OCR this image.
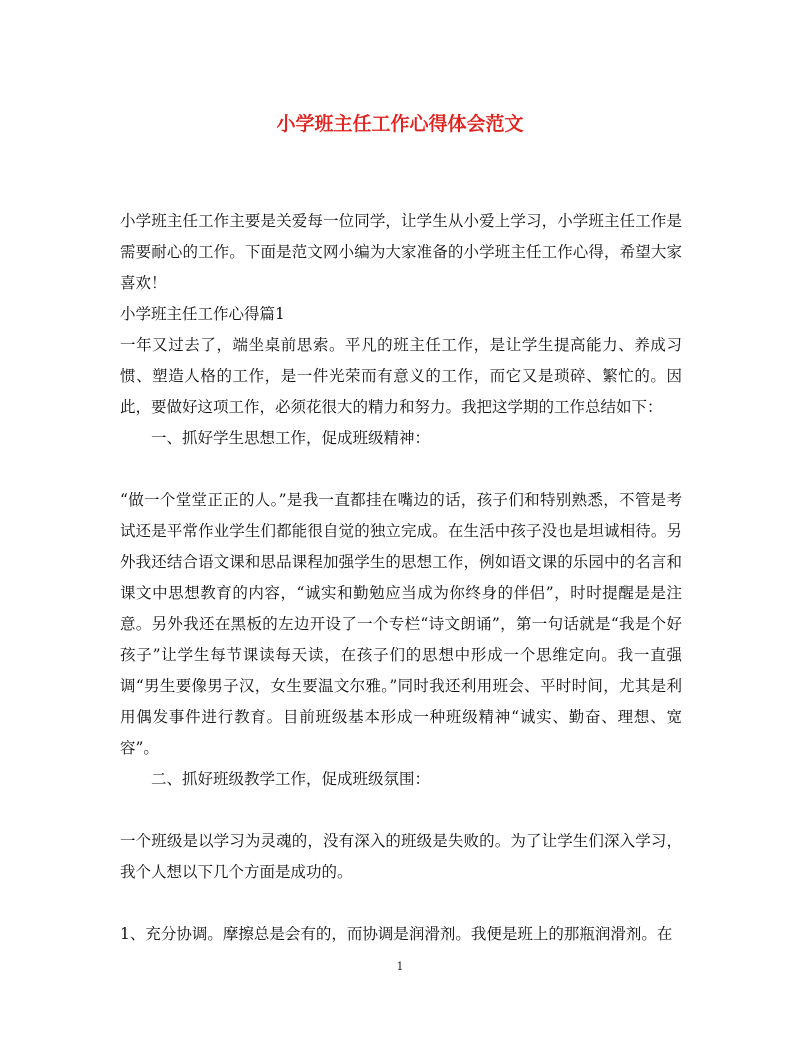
小学班主任工作心得体会范文

小学班主任工作主要是关爱每一位同学，让学生从小爱上学习，小学班主任工作是需要耐心的工作。下面是范文网小编为大家准备的小学班主任工作心得，希望大家喜欢！

小学班主任工作心得篇1

一年又过去了，端坐桌前思索。平凡的班主任工作，是让学生提高能力、养成习惯、塑造人格的工作，是一件光荣而有意义的工作，而它又是琐碎、繁忙的。因此，要做好这项工作，必须花很大的精力和努力。我把这学期的工作总结如下：

一、抓好学生思想工作，促成班级精神：

“做一个堂堂正正的人。”是我一直都挂在嘴边的话，孩子们和特别熟悉，不管是考试还是平常作业学生们都能很自觉的独立完成。在生活中孩子没也是坦诚相待。另外我还结合语文课和思品课程加强学生的思想工作，例如语文课的乐园中的名言和课文中思想教育的内容，“诚实和勤勉应当成为你终身的伴侣”，时时提醒是是注意。另外我还在黑板的左边开设了一个专栏“诗文朗诵”，第一句话就是“我是个好孩子”让学生每节课读每天读，在孩子们的思想中形成一个思维定向。我一直强调“男生要像男子汉，女生要温文尔雅。”同时我还利用班会、平时时间，尤其是利用偶发事件进行教育。目前班级基本形成一种班级精神“诚实、勤奋、理想、宽容”。

二、抓好班级教学工作，促成班级氛围：

一个班级是以学习为灵魂的，没有深入的班级是失败的。为了让学生们深入学习，我个人想以下几个方面是成功的。

1、充分协调。摩擦总是会有的，而协调是润滑剂。我便是班上的那瓶润滑剂。在

1
